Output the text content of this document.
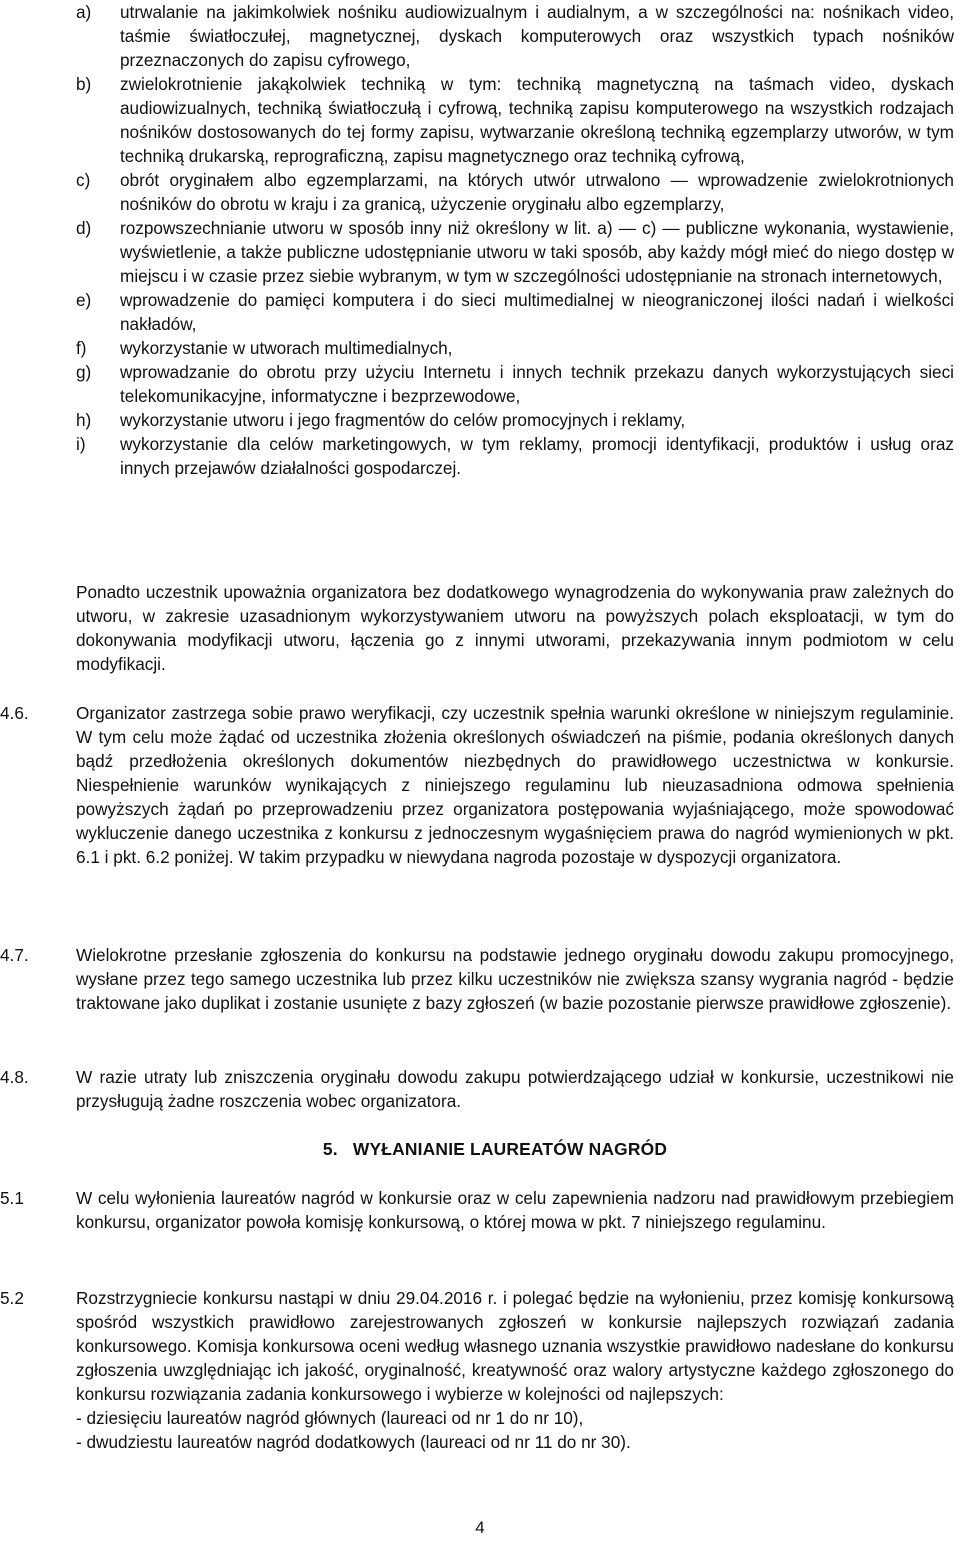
a)	utrwalanie na jakimkolwiek nośniku audiowizualnym i audialnym, a w szczególności na: nośnikach video, taśmie światłoczułej, magnetycznej, dyskach komputerowych oraz wszystkich typach nośników przeznaczonych do zapisu cyfrowego,
b)	zwielokrotnienie jakąkolwiek techniką w tym: techniką magnetyczną na taśmach video, dyskach audiowizualnych, techniką światłoczułą i cyfrową, techniką zapisu komputerowego na wszystkich rodzajach nośników dostosowanych do tej formy zapisu, wytwarzanie określoną techniką egzemplarzy utworów, w tym techniką drukarską, reprograficzną, zapisu magnetycznego oraz techniką cyfrową,
c)	obrót oryginałem albo egzemplarzami, na których utwór utrwalono — wprowadzenie zwielokrotnionych nośników do obrotu w kraju i za granicą, użyczenie oryginału albo egzemplarzy,
d)	rozpowszechnianie utworu w sposób inny niż określony w lit. a) — c) — publiczne wykonania, wystawienie, wyświetlenie, a także publiczne udostępnianie utworu w taki sposób, aby każdy mógł mieć do niego dostęp w miejscu i w czasie przez siebie wybranym, w tym w szczególności udostępnianie na stronach internetowych,
e)	wprowadzenie do pamięci komputera i do sieci multimedialnej w nieograniczonej ilości nadań i wielkości nakładów,
f)	wykorzystanie w utworach multimedialnych,
g)	wprowadzanie do obrotu przy użyciu Internetu i innych technik przekazu danych wykorzystujących sieci telekomunikacyjne, informatyczne i bezprzewodowe,
h)	wykorzystanie utworu i jego fragmentów do celów promocyjnych i reklamy,
i)	wykorzystanie dla celów marketingowych, w tym reklamy, promocji identyfikacji, produktów i usług oraz innych przejawów działalności gospodarczej.
Ponadto uczestnik upoważnia organizatora bez dodatkowego wynagrodzenia do wykonywania praw zależnych do utworu, w zakresie uzasadnionym wykorzystywaniem utworu na powyższych polach eksploatacji, w tym do dokonywania modyfikacji utworu, łączenia go z innymi utworami, przekazywania innym podmiotom w celu modyfikacji.
4.6.	Organizator zastrzega sobie prawo weryfikacji, czy uczestnik spełnia warunki określone w niniejszym regulaminie. W tym celu może żądać od uczestnika złożenia określonych oświadczeń na piśmie, podania określonych danych bądź przedłożenia określonych dokumentów niezbędnych do prawidłowego uczestnictwa w konkursie. Niespełnienie warunków wynikających z niniejszego regulaminu lub nieuzasadniona odmowa spełnienia powyższych żądań po przeprowadzeniu przez organizatora postępowania wyjaśniającego, może spowodować wykluczenie danego uczestnika z konkursu z jednoczesnym wygaśnięciem prawa do nagród wymienionych w pkt. 6.1 i pkt. 6.2 poniżej. W takim przypadku w niewydana nagroda pozostaje w dyspozycji organizatora.
4.7.	Wielokrotne przesłanie zgłoszenia do konkursu na podstawie jednego oryginału dowodu zakupu promocyjnego, wysłane przez tego samego uczestnika lub przez kilku uczestników nie zwiększa szansy wygrania nagród - będzie traktowane jako duplikat i zostanie usunięte z bazy zgłoszeń (w bazie pozostanie pierwsze prawidłowe zgłoszenie).
4.8.	W razie utraty lub zniszczenia oryginału dowodu zakupu potwierdzającego udział w konkursie, uczestnikowi nie przysługują żadne roszczenia wobec organizatora.
5.   WYŁANIANIE LAUREATÓW NAGRÓD
5.1	W celu wyłonienia laureatów nagród w konkursie oraz w celu zapewnienia nadzoru nad prawidłowym przebiegiem konkursu, organizator powoła komisję konkursową, o której mowa w pkt. 7 niniejszego regulaminu.
5.2	Rozstrzygniecie konkursu nastąpi w dniu 29.04.2016 r. i polegać będzie na wyłonieniu, przez komisję konkursową spośród wszystkich prawidłowo zarejestrowanych zgłoszeń w konkursie najlepszych rozwiązań zadania konkursowego. Komisja konkursowa oceni według własnego uznania wszystkie prawidłowo nadesłane do konkursu zgłoszenia uwzględniając ich jakość, oryginalność, kreatywność oraz walory artystyczne każdego zgłoszonego do konkursu rozwiązania zadania konkursowego i wybierze w kolejności od najlepszych:
- dziesięciu laureatów nagród głównych (laureaci od nr 1 do nr 10),
- dwudziestu laureatów nagród dodatkowych (laureaci od nr 11 do nr 30).
4
